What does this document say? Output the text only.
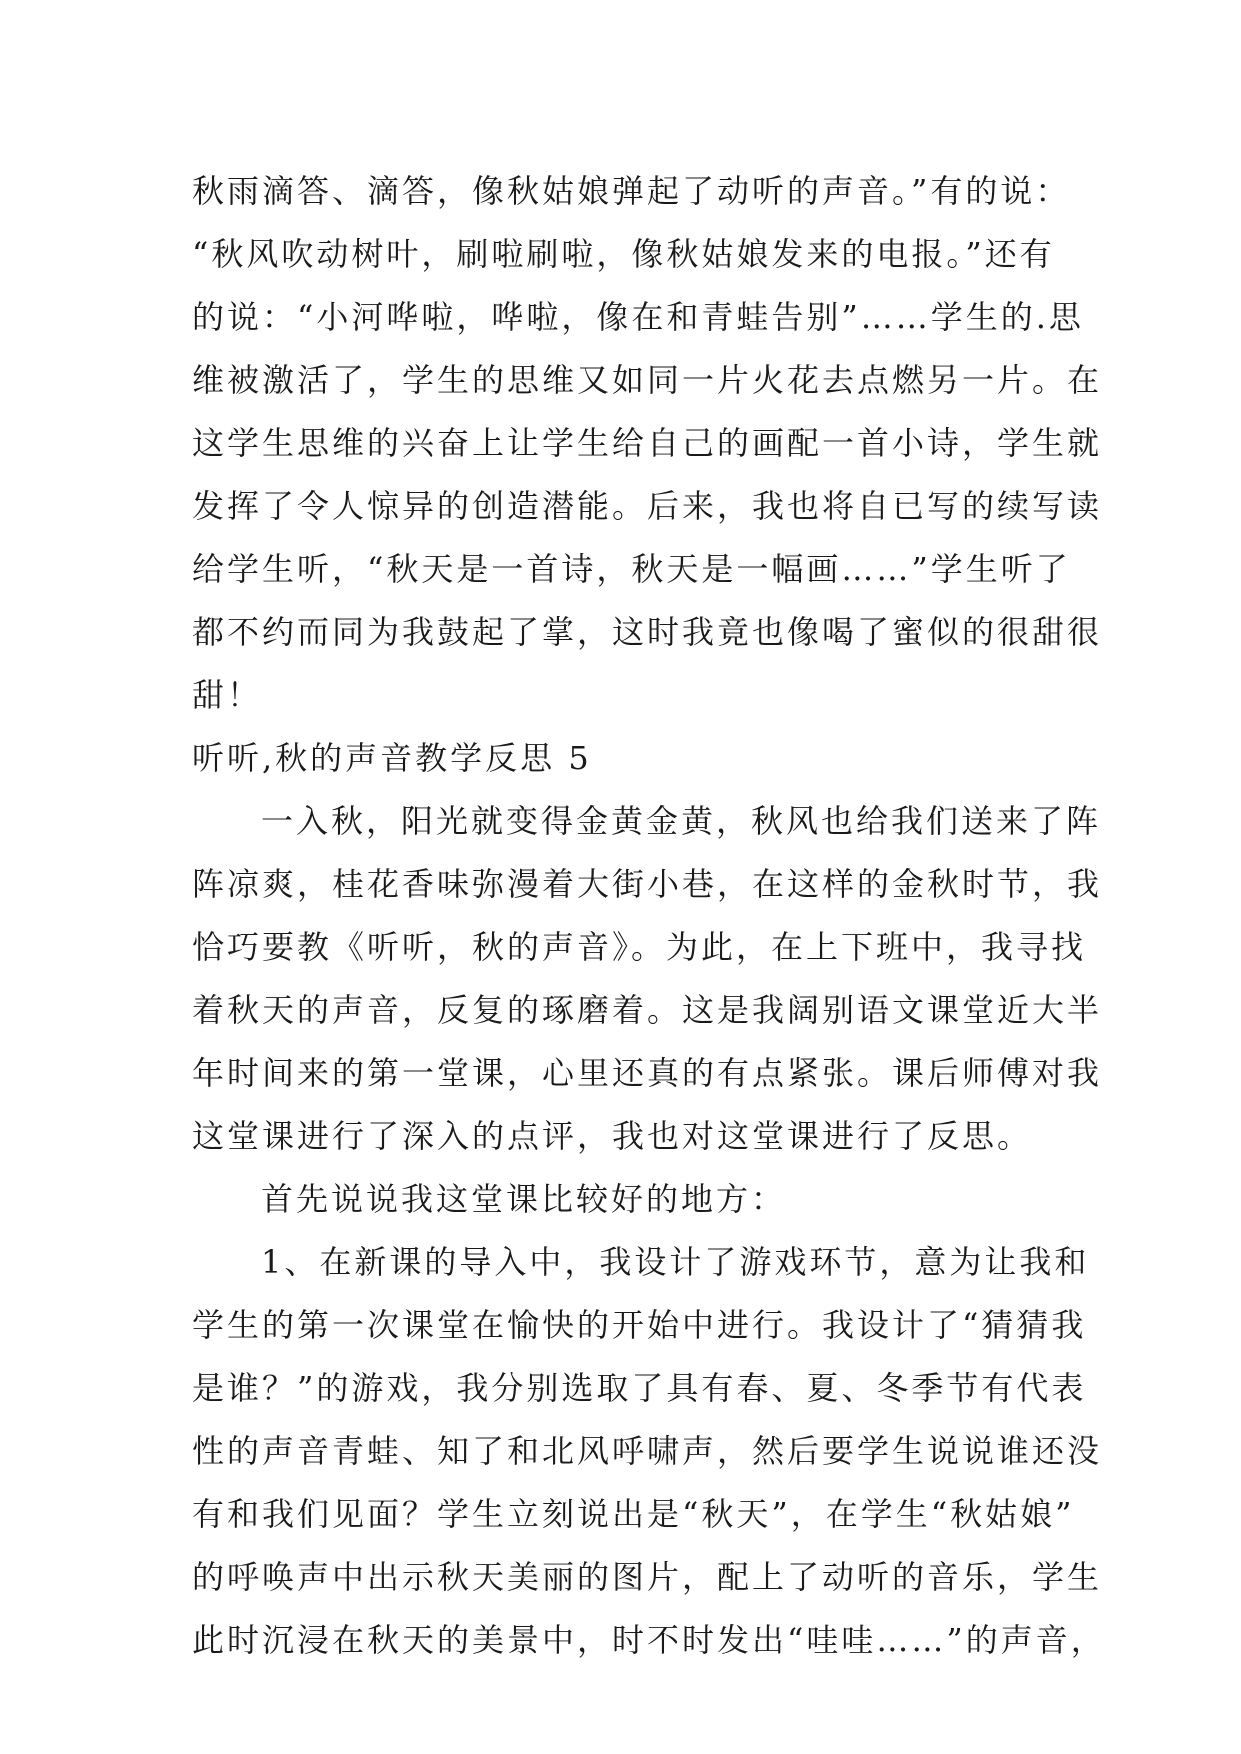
秋雨滴答、滴答，像秋姑娘弹起了动听的声音。”有的说：
“秋风吹动树叶，刷啦刷啦，像秋姑娘发来的电报。”还有
的说：“小河哗啦，哗啦，像在和青蛙告别”……学生的.思
维被激活了，学生的思维又如同一片火花去点燃另一片。在
这学生思维的兴奋上让学生给自己的画配一首小诗，学生就
发挥了令人惊异的创造潜能。后来，我也将自已写的续写读
给学生听，“秋天是一首诗，秋天是一幅画……”学生听了
都不约而同为我鼓起了掌，这时我竟也像喝了蜜似的很甜很
甜！
听听,秋的声音教学反思 5
一入秋，阳光就变得金黄金黄，秋风也给我们送来了阵
阵凉爽，桂花香味弥漫着大街小巷，在这样的金秋时节，我
恰巧要教《听听，秋的声音》。为此，在上下班中，我寻找
着秋天的声音，反复的琢磨着。这是我阔别语文课堂近大半
年时间来的第一堂课，心里还真的有点紧张。课后师傅对我
这堂课进行了深入的点评，我也对这堂课进行了反思。
首先说说我这堂课比较好的地方：
1、在新课的导入中，我设计了游戏环节，意为让我和
学生的第一次课堂在愉快的开始中进行。我设计了“猜猜我
是谁？”的游戏，我分别选取了具有春、夏、冬季节有代表
性的声音青蛙、知了和北风呼啸声，然后要学生说说谁还没
有和我们见面？学生立刻说出是“秋天”，在学生“秋姑娘”
的呼唤声中出示秋天美丽的图片，配上了动听的音乐，学生
此时沉浸在秋天的美景中，时不时发出“哇哇……”的声音，
